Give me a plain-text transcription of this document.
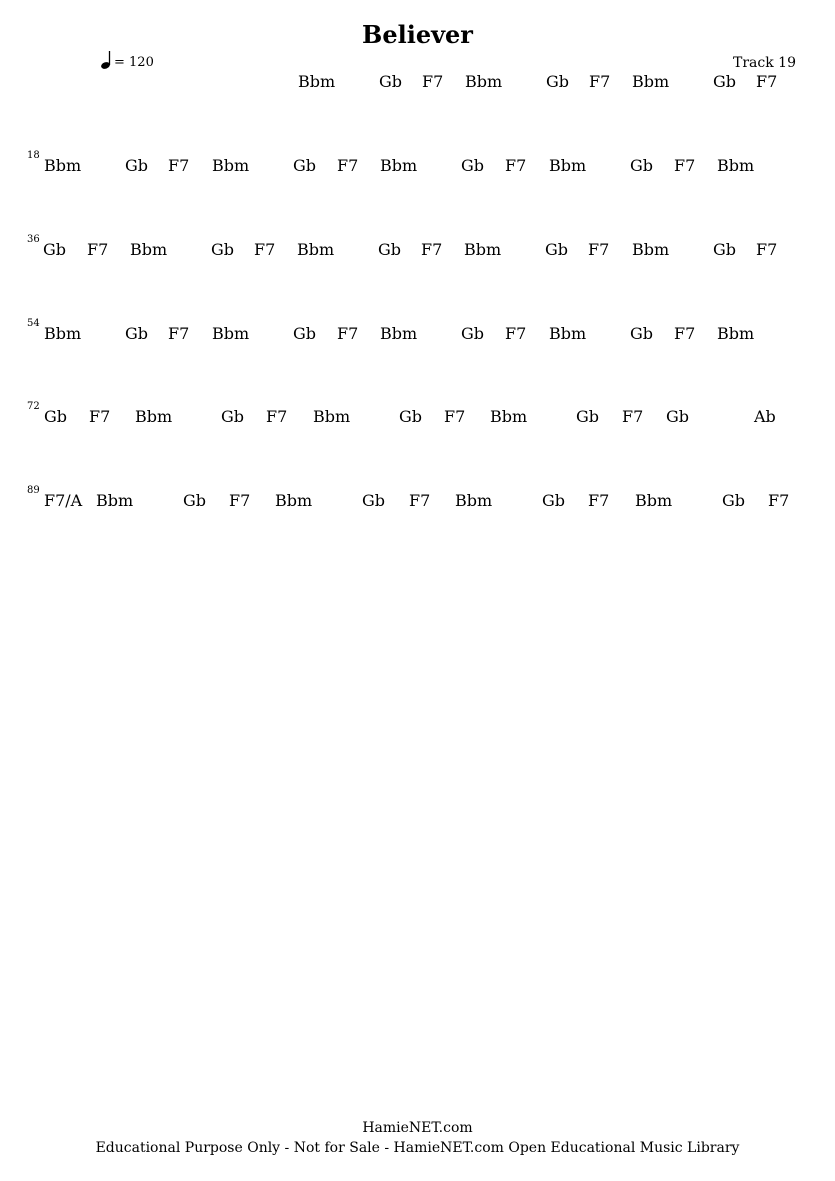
Believer
= 120	Track 19
Bbm	Gb F7 Bbm	Gb F7 Bbm	Gb F7
18
Bbm	Gb F7 Bbm	Gb F7 Bbm	Gb F7 Bbm	Gb F7 Bbm
36
Gb F7 Bbm	Gb F7 Bbm	Gb F7 Bbm	Gb F7 Bbm	Gb F7
54
Bbm	Gb F7 Bbm	Gb F7 Bbm	Gb F7 Bbm	Gb F7 Bbm
72
Gb F7 Bbm	Gb F7 Bbm	Gb F7 Bbm	Gb F7 Gb	Ab
89
F7/A Bbm	Gb F7 Bbm	Gb F7 Bbm	Gb F7 Bbm	Gb F7
HamieNET.com
Educational Purpose Only - Not for Sale - HamieNET.com Open Educational Music Library
